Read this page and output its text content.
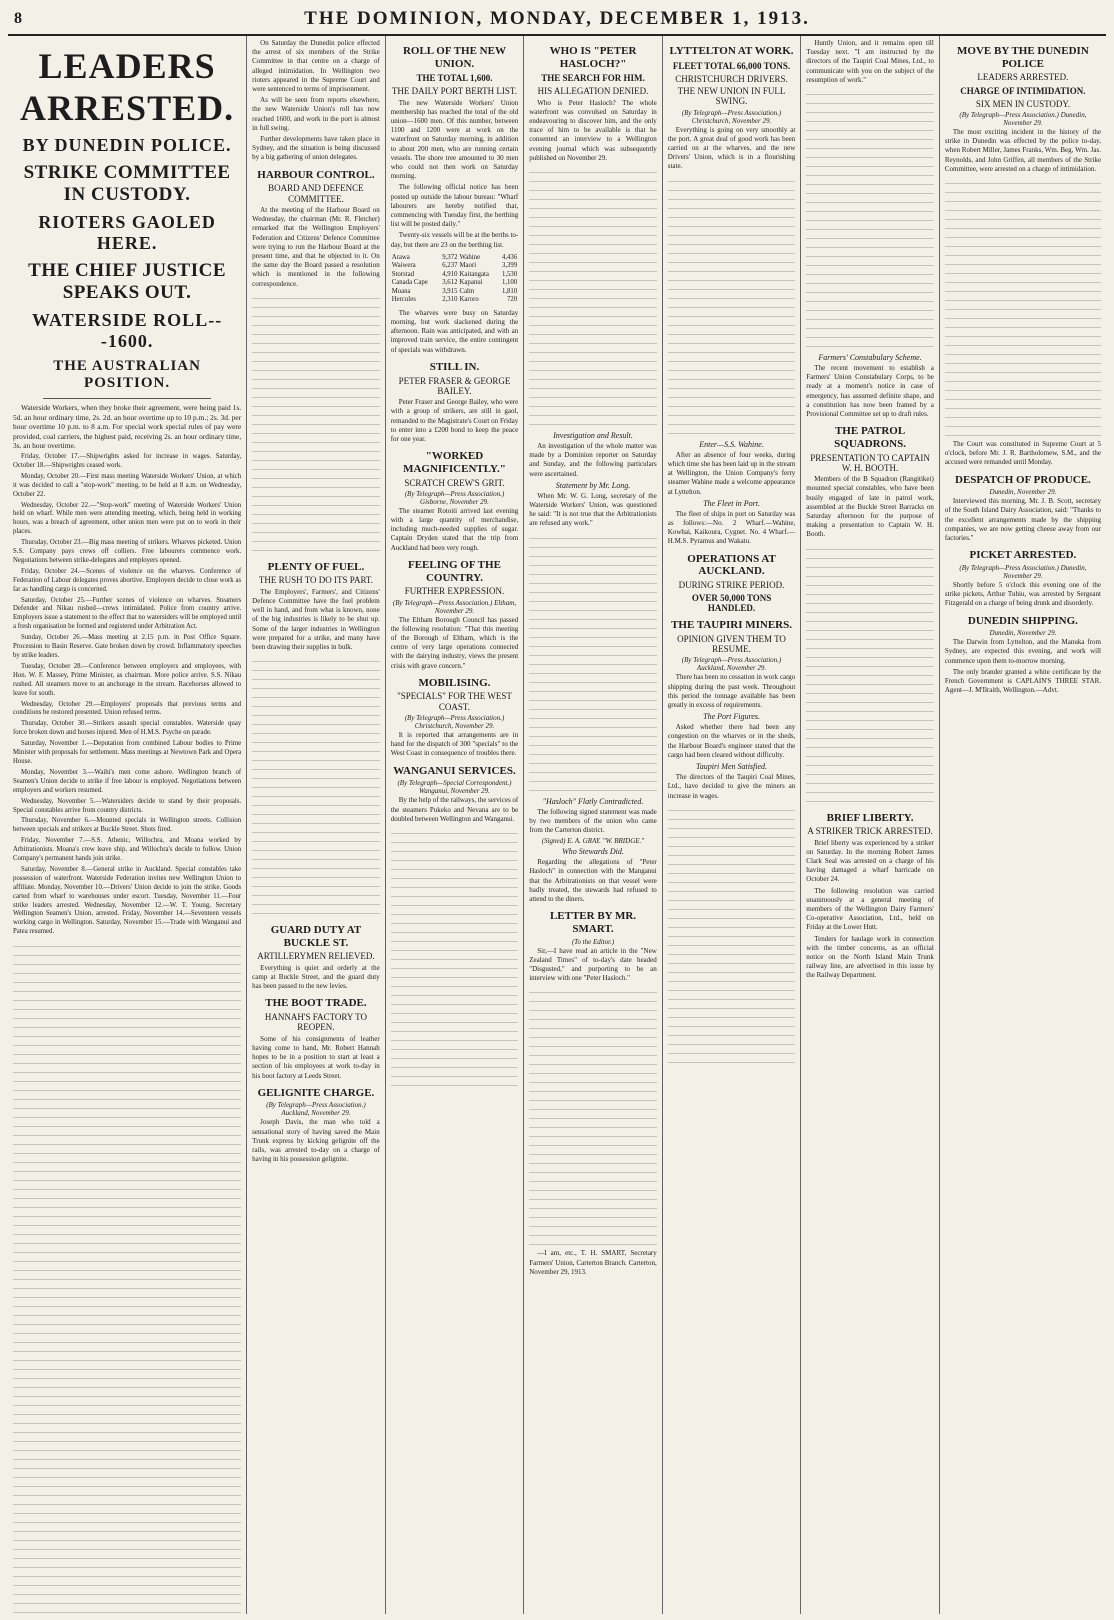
8	THE DOMINION, MONDAY, DECEMBER 1, 1913.
LEADERS ARRESTED.
BY DUNEDIN POLICE.
STRIKE COMMITTEE IN CUSTODY.
RIOTERS GAOLED HERE.
THE CHIEF JUSTICE SPEAKS OUT.
WATERSIDE ROLL---1600.
THE AUSTRALIAN POSITION.

Waterside Workers, when they broke their agreement, were being paid 1s. 5d. an hour ordinary time, 2s. 2d. an hour overtime up to 10 p.m.; 2s. 3d. per hour overtime 10 p.m. to 8 a.m. For special work special rules of pay were provided, coal carriers, the highest paid, receiving 2s. an hour ordinary time, 3s. an hour overtime.

Friday, October 17.—Shipwrights asked for increase in wages. Saturday, October 18.—Shipwrights ceased work.

Monday, October 20.—First mass meeting Waterside Workers' Union, at which it was decided to call a "stop-work" meeting, to be held at 8 a.m. on Wednesday, October 22.

Wednesday, October 22.—"Stop-work" meeting of Waterside Workers' Union held on wharf. While men were attending meeting, which, being held in working hours, was a breach of agreement, other union men were put on to work in their places.

Thursday, October 23.—Big mass meeting of strikers. Wharves picketed. Union S.S. Company pays crews off colliers. Free labourers commence work. Negotiations between strike-delegates and employers opened.

Friday, October 24.—Scenes of violence on the wharves. Conference of Federation of Labour delegates proves abortive. Employers decide to close work as far as handling cargo is concerned.

Saturday, October 25.—Further scenes of violence on wharves. Steamers Defender and Nikau rushed—crews intimidated. Police from country arrive. Employers issue a statement to the effect that no watersiders will be employed until a fresh organisation be formed and registered under Arbitration Act.

Sunday, October 26.—Mass meeting at 2.15 p.m. in Post Office Square. Procession to Basin Reserve. Gate broken down by crowd. Inflammatory speeches by strike leaders.

Tuesday, October 28.—Conference between employers and employees, with Hon. W. F. Massey, Prime Minister, as chairman. More police arrive. S.S. Nikau rushed. All steamers move to an anchorage in the stream. Racehorses allowed to leave for south.

Wednesday, October 29.—Employers' proposals that previous terms and conditions be restored presented. Union refused terms.

Thursday, October 30.—Strikers assault special constables. Waterside quay force broken down and horses injured. Men of H.M.S. Psyche on parade.

Saturday, November 1.—Deputation from combined Labour bodies to Prime Minister with proposals for settlement. Mass meetings at Newtown Park and Opera House.

Monday, November 3.—Waihi's men come ashore. Wellington branch of Seamen's Union decide to strike if free labour is employed. Negotiations between employers and workers resumed.

Wednesday, November 5.—Watersiders decide to stand by their proposals. Special constables arrive from country districts.

Thursday, November 6.—Mounted specials in Wellington streets. Collision between specials and strikers at Buckle Street. Shots fired.

Friday, November 7.—S.S. Athenic, Willochra, and Moana worked by Arbitrationists. Moana's crew leave ship, and Willochra's decide to follow. Union Company's permanent hands join strike.

Saturday, November 8.—General strike in Auckland. Special constables take possession of waterfront. Waterside Federation invites new Wellington Union to affiliate. Monday, November 10.—Drivers' Union decide to join the strike. Goods carted from wharf to warehouses under escort. Tuesday, November 11.—Four strike leaders arrested. Wednesday, November 12.—W. T. Young, Secretary Wellington Seamen's Union, arrested. Friday, November 14.—Seventeen vessels working cargo in Wellington. Saturday, November 15.—Trade with Wanganui and Patea resumed.

On Saturday the Dunedin police effected the arrest of six members of the Strike Committee in that centre on a charge of alleged intimidation. In Wellington two rioters appeared in the Supreme Court and were sentenced to terms of imprisonment.

As will be seen from reports elsewhere, the new Waterside Union's roll has now reached 1600, and work in the port is almost in full swing.

Further developments have taken place in Sydney, and the situation is being discussed by a big gathering of union delegates.

HARBOUR CONTROL.
BOARD AND DEFENCE COMMITTEE.

At the meeting of the Harbour Board on Wednesday, the chairman (Mr. R. Fletcher) remarked that the Wellington Employers' Federation and Citizens' Defence Committee were trying to run the Harbour Board at the present time, and that he objected to it. On the same day the Board passed a resolution which is mentioned in the following correspondence.

PLENTY OF FUEL.
THE RUSH TO DO ITS PART.

The Employers', Farmers', and Citizens' Defence Committee have the fuel problem well in hand, and from what is known, none of the big industries is likely to be shut up. Some of the larger industries in Wellington were prepared for a strike, and many have been drawing their supplies in bulk.

GUARD DUTY AT BUCKLE ST.
ARTILLERYMEN RELIEVED.

Everything is quiet and orderly at the camp at Buckle Street, and the guard duty has been passed to the new levies.

THE BOOT TRADE.
HANNAH'S FACTORY TO REOPEN.

Some of his consignments of leather having come to hand, Mr. Robert Hannah hopes to be in a position to start at least a section of his employees at work to-day in his boot factory at Leeds Street.

GELIGNITE CHARGE.
(By Telegraph—Press Association.) Auckland, November 29.

Joseph Davis, the man who told a sensational story of having saved the Main Trunk express by kicking gelignite off the rails, was arrested to-day on a charge of having in his possession gelignite.

ROLL OF THE NEW UNION.
THE TOTAL 1,600.
THE DAILY PORT BERTH LIST.

The new Waterside Workers' Union membership has reached the total of the old union—1600 men. Of this number, between 1100 and 1200 were at work on the waterfront on Saturday morning, in addition to about 200 men, who are running certain vessels. The shore tree amounted to 30 men who could not then work on Saturday morning.

The following official notice has been posted up outside the labour bureau: "Wharf labourers are hereby notified that, commencing with Tuesday first, the berthing list will be posted daily."

Twenty-six vessels will be at the berths to-day, but there are 23 on the berthing list.

Arawa	9,372	Wahine	4,436
Waiwera	6,237	Maori	3,399
Storstad	4,910	Kaitangata	1,530
Canada Cape	3,612	Kapanui	1,100
Moana	3,915	Calm	1,810
Hercules	2,310	Karoro	720

The wharves were busy on Saturday morning, but work slackened during the afternoon. Rain was anticipated, and with an improved train service, the entire contingent of specials was withdrawn.

STILL IN.
PETER FRASER & GEORGE BAILEY.

Peter Fraser and George Bailey, who were with a group of strikers, are still in gaol, remanded to the Magistrate's Court on Friday to enter into a £200 bond to keep the peace for one year.

"WORKED MAGNIFICENTLY."
SCRATCH CREW'S GRIT.
(By Telegraph—Press Association.) Gisborne, November 29.

The steamer Rotoiti arrived last evening with a large quantity of merchandise, including much-needed supplies of sugar. Captain Dryden stated that the trip from Auckland had been very rough.

FEELING OF THE COUNTRY.
FURTHER EXPRESSION.
(By Telegraph—Press Association.) Eltham, November 29.

The Eltham Borough Council has passed the following resolution: "That this meeting of the Borough of Eltham, which is the centre of very large operations connected with the dairying industry, views the present crisis with grave concern."

MOBILISING.
"SPECIALS" FOR THE WEST COAST.
(By Telegraph—Press Association.) Christchurch, November 29.

It is reported that arrangements are in hand for the dispatch of 300 "specials" to the West Coast in consequence of troubles there.

WANGANUI SERVICES.
(By Telegraph—Special Correspondent.) Wanganui, November 29.

By the help of the railways, the services of the steamers Pukeko and Nevana are to be doubled between Wellington and Wanganui.

WHO IS "PETER HASLOCH?"
THE SEARCH FOR HIM.
HIS ALLEGATION DENIED.

Who is Peter Hasloch? The whole waterfront was convulsed on Saturday in endeavouring to discover him, and the only trace of him to be available is that he consented an interview to a Wellington evening journal which was subsequently published on November 29.

Investigation and Result.

An investigation of the whole matter was made by a Dominion reporter on Saturday and Sunday, and the following particulars were ascertained.

Statement by Mr. Long.

When Mr. W. G. Long, secretary of the Waterside Workers' Union, was questioned he said: "It is not true that the Arbitrationists are refused any work."

"Hasloch" Flatly Contradicted.

The following signed statement was made by two members of the union who came from the Carterton district.

(Signed) E. A. GRAY. "W. BRIDGE."
Who Stewards Did.

Regarding the allegations of "Peter Hasloch" in connection with the Manganui that the Arbitrationists on that vessel were badly treated, the stewards had refused to attend to the diners.

LETTER BY MR. SMART.
(To the Editor.)

Sir,—I have read an article in the "New Zealand Times" of to-day's date headed "Disgusted," and purporting to be an interview with one "Peter Hasloch."

—I am, etc., T. H. SMART, Secretary Farmers' Union, Carterton Branch. Carterton, November 29, 1913.

LYTTELTON AT WORK.
FLEET TOTAL 66,000 TONS.
CHRISTCHURCH DRIVERS.
THE NEW UNION IN FULL SWING.
(By Telegraph—Press Association.) Christchurch, November 29.

Everything is going on very smoothly at the port. A great deal of good work has been carried on at the wharves, and the new Drivers' Union, which is in a flourishing state.

Enter—S.S. Wahine.

After an absence of four weeks, during which time she has been laid up in the stream at Wellington, the Union Company's ferry steamer Wahine made a welcome appearance at Lyttelton.

The Fleet in Port.

The fleet of ships in port on Saturday was as follows:—No. 2 Wharf.—Wahine, Kowhai, Kaikoura, Cygnet. No. 4 Wharf.—H.M.S. Pyramus and Wakatu.

OPERATIONS AT AUCKLAND.
DURING STRIKE PERIOD.
OVER 50,000 TONS HANDLED.
THE TAUPIRI MINERS.
OPINION GIVEN THEM TO RESUME.
(By Telegraph—Press Association.) Auckland, November 29.

There has been no cessation in work cargo shipping during the past week. Throughout this period the tonnage available has been greatly in excess of requirements.

The Port Figures.

Asked whether there had been any congestion on the wharves or in the sheds, the Harbour Board's engineer stated that the cargo had been cleared without difficulty.

Taupiri Men Satisfied.

The directors of the Taupiri Coal Mines, Ltd., have decided to give the miners an increase in wages.

Huntly Union, and it remains open till Tuesday next. "I am instructed by the directors of the Taupiri Coal Mines, Ltd., to communicate with you on the subject of the resumption of work."

Farmers' Constabulary Scheme.

The recent movement to establish a Farmers' Union Constabulary Corps, to be ready at a moment's notice in case of emergency, has assumed definite shape, and a constitution has now been framed by a Provisional Committee set up to draft rules.

THE PATROL SQUADRONS.
PRESENTATION TO CAPTAIN W. H. BOOTH.

Members of the B Squadron (Rangitikei) mounted special constables, who have been busily engaged of late in patrol work, assembled at the Buckle Street Barracks on Saturday afternoon for the purpose of making a presentation to Captain W. H. Booth.

BRIEF LIBERTY.
A STRIKER TRICK ARRESTED.

Brief liberty was experienced by a striker on Saturday. In the morning Robert James Clark Seal was arrested on a charge of his having damaged a wharf barricade on October 24.

The following resolution was carried unanimously at a general meeting of members of the Wellington Dairy Farmers' Co-operative Association, Ltd., held on Friday at the Lower Hutt.

Tenders for haulage work in connection with the timber concerns, as an official notice on the North Island Main Trunk railway line, are advertised in this issue by the Railway Department.

MOVE BY THE DUNEDIN POLICE
LEADERS ARRESTED.
CHARGE OF INTIMIDATION.
SIX MEN IN CUSTODY.
(By Telegraph—Press Association.) Dunedin, November 29.

The most exciting incident in the history of the strike in Dunedin was effected by the police to-day, when Robert Miller, James Franks, Wm. Beg, Wm. Jas. Reynolds, and John Griffen, all members of the Strike Committee, were arrested on a charge of intimidation.

The Court was constituted in Supreme Court at 5 o'clock, before Mr. J. R. Bartholomew, S.M., and the accused were remanded until Monday.

DESPATCH OF PRODUCE.
Dunedin, November 29.

Interviewed this morning, Mr. J. B. Scott, secretary of the South Island Dairy Association, said: "Thanks to the excellent arrangements made by the shipping companies, we are now getting cheese away from our factories."

PICKET ARRESTED.
(By Telegraph—Press Association.) Dunedin, November 29.

Shortly before 5 o'clock this evening one of the strike pickets, Arthur Tuhiu, was arrested by Sergeant Fitzgerald on a charge of being drunk and disorderly.

DUNEDIN SHIPPING.
Dunedin, November 29.

The Darwin from Lyttelton, and the Manuka from Sydney, are expected this evening, and work will commence upon them to-morrow morning.

The only brander granted a white certificate by the French Government is CAPLAIN'S THREE STAR. Agent—J. M'Ilraith, Wellington.—Advt.
